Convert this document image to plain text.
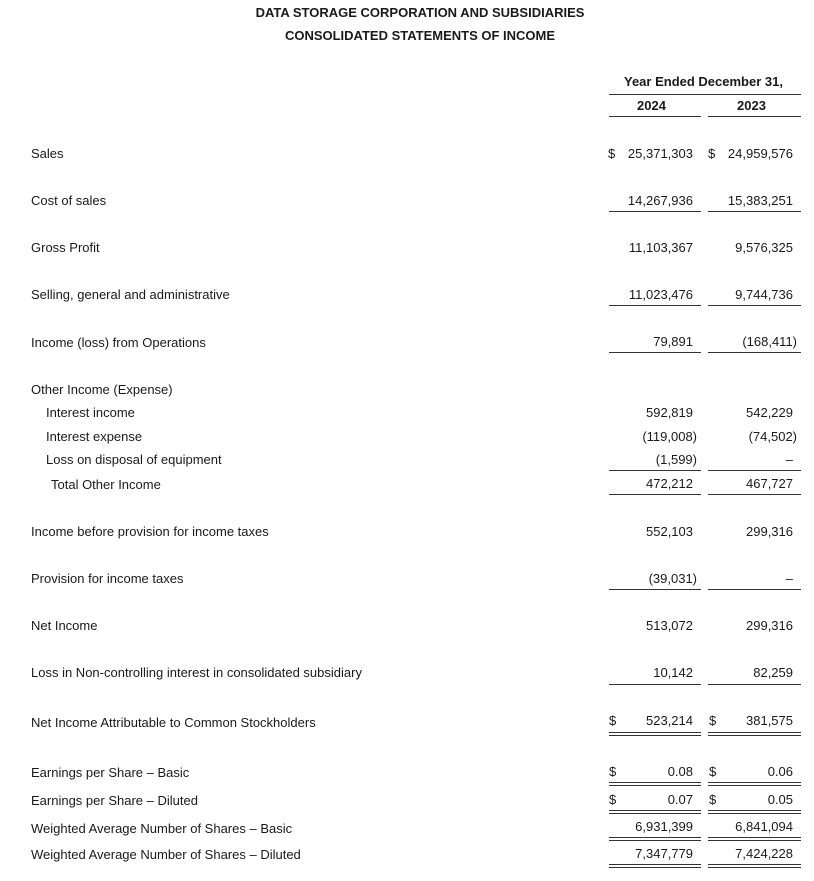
DATA STORAGE CORPORATION AND SUBSIDIARIES
CONSOLIDATED STATEMENTS OF INCOME
Year Ended December 31,
2024	2023
Sales	$ 25,371,303 $ 24,959,576
Cost of sales	14,267,936	15,383,251
Gross Profit	11,103,367	9,576,325
Selling, general and administrative	11,023,476	9,744,736
Income (loss) from Operations	79,891	(168,411)
Other Income (Expense)
Interest income	592,819	542,229
Interest expense	(119,008)	(74,502)
Loss on disposal of equipment	(1,599)	–
Total Other Income	472,212	467,727
Income before provision for income taxes	552,103	299,316
Provision for income taxes	(39,031)	–
Net Income	513,072	299,316
Loss in Non-controlling interest in consolidated subsidiary	10,142	82,259
Net Income Attributable to Common Stockholders	$ 523,214 $ 381,575
Earnings per Share – Basic	$	0.08 $	0.06
Earnings per Share – Diluted	$	0.07 $	0.05
Weighted Average Number of Shares – Basic	6,931,399	6,841,094
Weighted Average Number of Shares – Diluted	7,347,779	7,424,228
